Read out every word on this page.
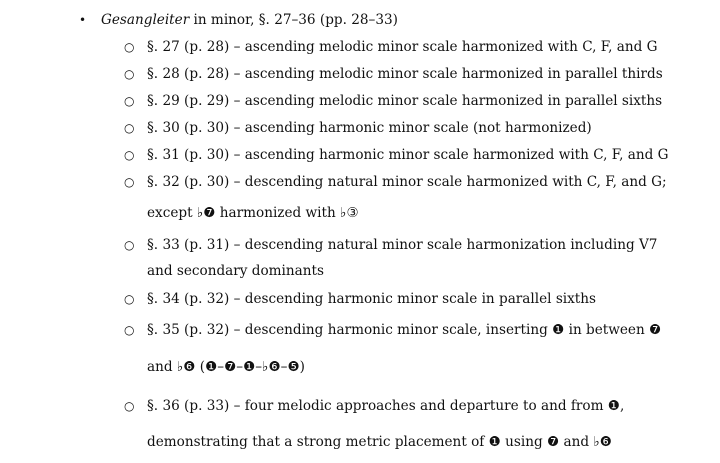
• Gesangleiter in minor, §. 27–36 (pp. 28–33)
○ §. 27 (p. 28) – ascending melodic minor scale harmonized with C, F, and G
○ §. 28 (p. 28) – ascending melodic minor scale harmonized in parallel thirds
○ §. 29 (p. 29) – ascending melodic minor scale harmonized in parallel sixths
○ §. 30 (p. 30) – ascending harmonic minor scale (not harmonized)
○ §. 31 (p. 30) – ascending harmonic minor scale harmonized with C, F, and G
○ §. 32 (p. 30) – descending natural minor scale harmonized with C, F, and G;
except ♭❼ harmonized with ♭③
○ §. 33 (p. 31) – descending natural minor scale harmonization including V7
and secondary dominants
○ §. 34 (p. 32) – descending harmonic minor scale in parallel sixths
○ §. 35 (p. 32) – descending harmonic minor scale, inserting ❶ in between ❼
and ♭❻ (❶–❼–❶–♭❻–❺)
○ §. 36 (p. 33) – four melodic approaches and departure to and from ❶,
demonstrating that a strong metric placement of ❶ using ❼ and ♭❻
